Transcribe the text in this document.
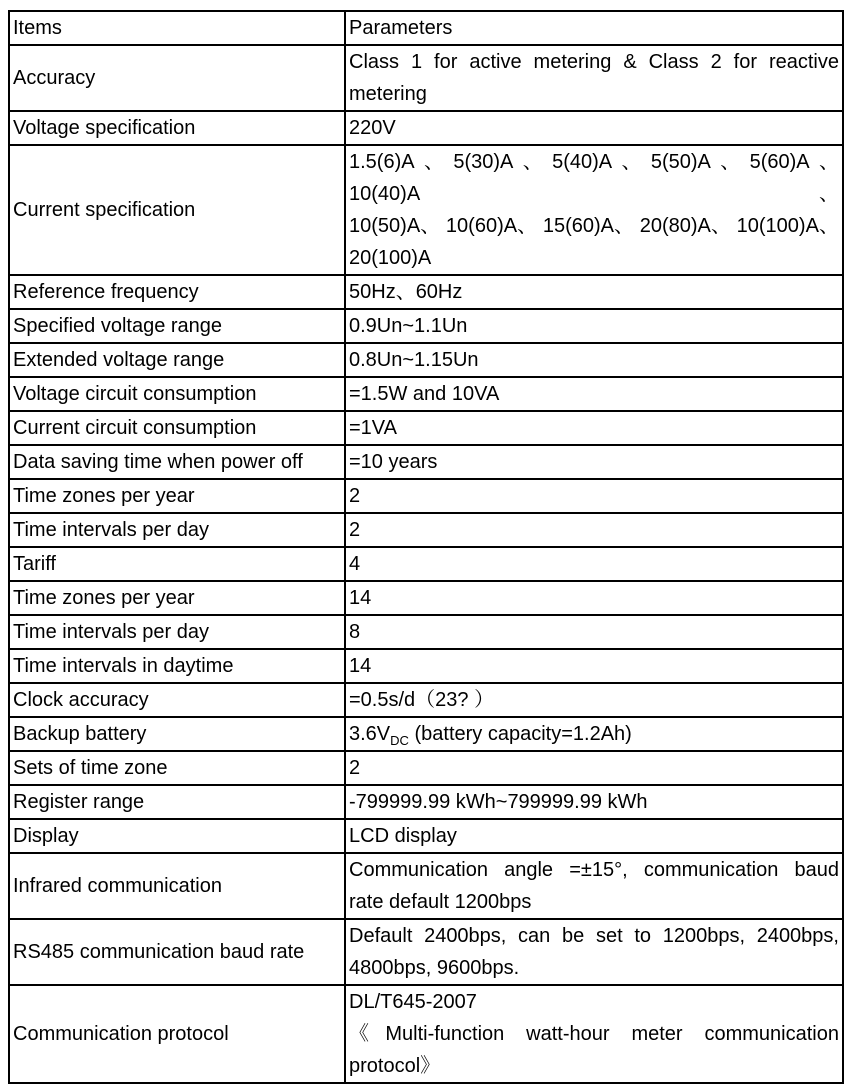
Items	Parameters
Accuracy	Class 1 for active metering & Class 2 for reactive
metering

Voltage specification	220V
Current specification	1.5(6)A、5(30)A、5(40)A、5(50)A、5(60)A、10(40)A、
10(50)A、 10(60)A、 15(60)A、 20(80)A、 10(100)A、
20(100)A

Reference frequency	50Hz、60Hz
Specified voltage range	0.9Un~1.1Un
Extended voltage range	0.8Un~1.15Un
Voltage circuit consumption	=1.5W and 10VA
Current circuit consumption	=1VA
Data saving time when power off	=10 years
Time zones per year	2
Time intervals per day	2
Tariff	4
Time zones per year	14
Time intervals per day	8
Time intervals in daytime	14
Clock accuracy	=0.5s/d（23? ）
Backup battery	$3.6V_{DC}$ (battery capacity=1.2Ah)
Sets of time zone	2
Register range	-799999.99 kWh~799999.99 kWh
Display	LCD display
Infrared communication	Communication angle =±15°, communication baud
rate default 1200bps

RS485 communication baud rate	Default 2400bps, can be set to 1200bps, 2400bps,
4800bps, 9600bps.

Communication protocol	DL/T645-2007
《Multi-function watt-hour meter communication
protocol》
